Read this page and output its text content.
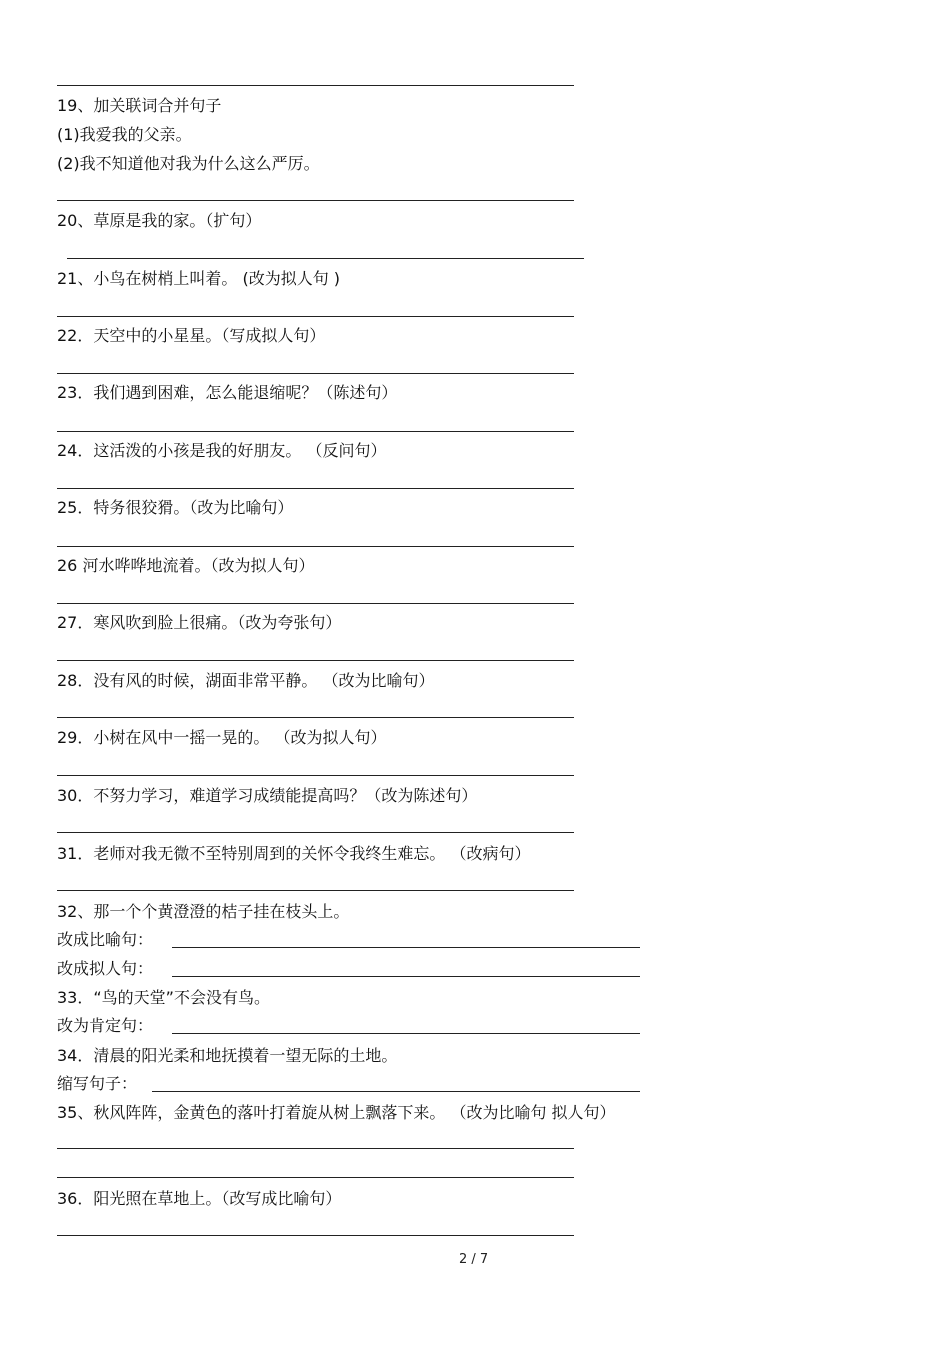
19、加关联词合并句子
(1)我爱我的父亲。
(2)我不知道他对我为什么这么严厉。
20、草原是我的家。（扩句）
21、小鸟在树梢上叫着。 (改为拟人句 )
22．天空中的小星星。（写成拟人句）
23．我们遇到困难，怎么能退缩呢？（陈述句）
24．这活泼的小孩是我的好朋友。 （反问句）
25．特务很狡猾。（改为比喻句）
26 河水哗哗地流着。（改为拟人句）
27．寒风吹到脸上很痛。（改为夸张句）
28．没有风的时候，湖面非常平静。 （改为比喻句）
29．小树在风中一摇一晃的。 （改为拟人句）
30．不努力学习，难道学习成绩能提高吗？（改为陈述句）
31．老师对我无微不至特别周到的关怀令我终生难忘。 （改病句）
32、那一个个黄澄澄的桔子挂在枝头上。
改成比喻句：
改成拟人句：
33．“鸟的天堂”不会没有鸟。
改为肯定句：
34．清晨的阳光柔和地抚摸着一望无际的土地。
缩写句子：
35、秋风阵阵，金黄色的落叶打着旋从树上飘落下来。 （改为比喻句 拟人句）
36．阳光照在草地上。（改写成比喻句）
2 / 7
